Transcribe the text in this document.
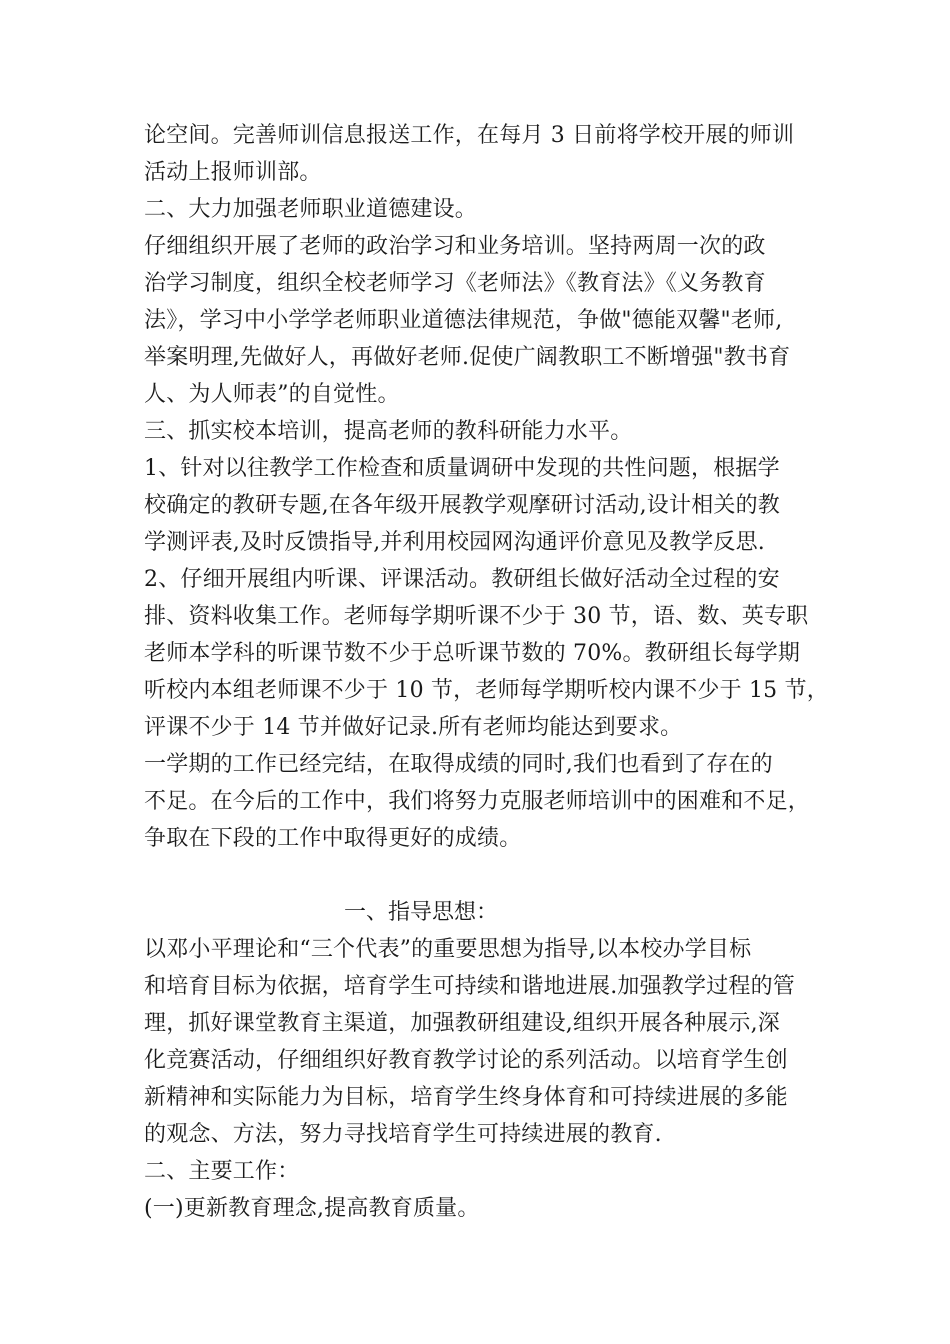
论空间。完善师训信息报送工作，在每月 3 日前将学校开展的师训
活动上报师训部。
二、大力加强老师职业道德建设。
仔细组织开展了老师的政治学习和业务培训。坚持两周一次的政
治学习制度，组织全校老师学习《老师法》《教育法》《义务教育
法》，学习中小学学老师职业道德法律规范，争做"德能双馨"老师,
举案明理,先做好人，再做好老师.促使广阔教职工不断增强"教书育
人、为人师表”的自觉性。
三、抓实校本培训，提高老师的教科研能力水平。
1、针对以往教学工作检查和质量调研中发现的共性问题，根据学
校确定的教研专题,在各年级开展教学观摩研讨活动,设计相关的教
学测评表,及时反馈指导,并利用校园网沟通评价意见及教学反思.
2、仔细开展组内听课、评课活动。教研组长做好活动全过程的安
排、资料收集工作。老师每学期听课不少于 30 节，语、数、英专职
老师本学科的听课节数不少于总听课节数的 70%。教研组长每学期
听校内本组老师课不少于 10 节，老师每学期听校内课不少于 15 节，
评课不少于 14 节并做好记录.所有老师均能达到要求。
一学期的工作已经完结，在取得成绩的同时,我们也看到了存在的
不足。在今后的工作中，我们将努力克服老师培训中的困难和不足，
争取在下段的工作中取得更好的成绩。
一、指导思想：
以邓小平理论和“三个代表”的重要思想为指导,以本校办学目标
和培育目标为依据，培育学生可持续和谐地进展.加强教学过程的管
理，抓好课堂教育主渠道，加强教研组建设,组织开展各种展示,深
化竞赛活动，仔细组织好教育教学讨论的系列活动。以培育学生创
新精神和实际能力为目标，培育学生终身体育和可持续进展的多能
的观念、方法，努力寻找培育学生可持续进展的教育.
二、主要工作：
(一)更新教育理念,提高教育质量。
